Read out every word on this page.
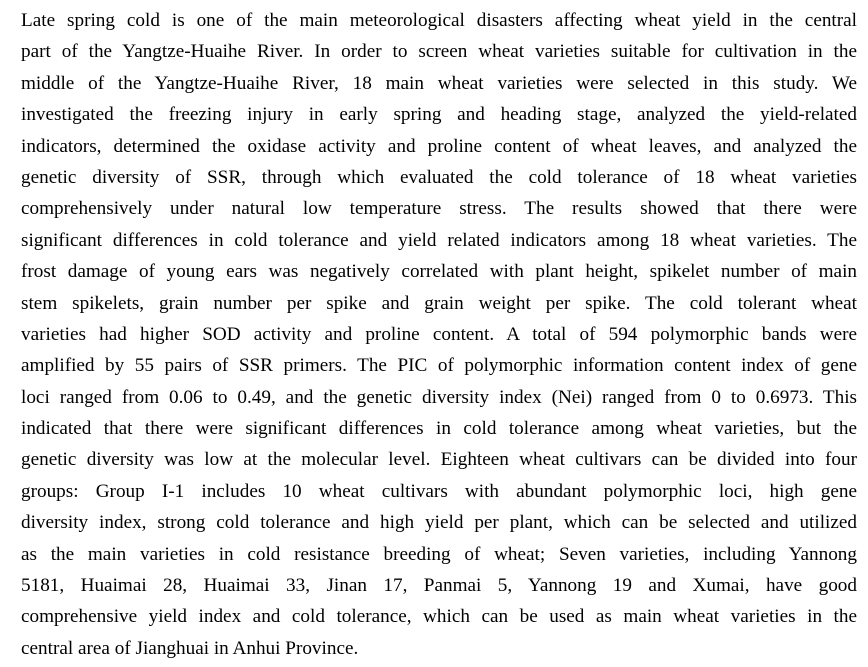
Late spring cold is one of the main meteorological disasters affecting wheat yield in the central
part of the Yangtze-Huaihe River. In order to screen wheat varieties suitable for cultivation in the
middle of the Yangtze-Huaihe River, 18 main wheat varieties were selected in this study. We
investigated the freezing injury in early spring and heading stage, analyzed the yield-related
indicators, determined the oxidase activity and proline content of wheat leaves, and analyzed the
genetic diversity of SSR, through which evaluated the cold tolerance of 18 wheat varieties
comprehensively under natural low temperature stress. The results showed that there were
significant differences in cold tolerance and yield related indicators among 18 wheat varieties. The
frost damage of young ears was negatively correlated with plant height, spikelet number of main
stem spikelets, grain number per spike and grain weight per spike. The cold tolerant wheat
varieties had higher SOD activity and proline content. A total of 594 polymorphic bands were
amplified by 55 pairs of SSR primers. The PIC of polymorphic information content index of gene
loci ranged from 0.06 to 0.49, and the genetic diversity index (Nei) ranged from 0 to 0.6973. This
indicated that there were significant differences in cold tolerance among wheat varieties, but the
genetic diversity was low at the molecular level. Eighteen wheat cultivars can be divided into four
groups: Group I-1 includes 10 wheat cultivars with abundant polymorphic loci, high gene
diversity index, strong cold tolerance and high yield per plant, which can be selected and utilized
as the main varieties in cold resistance breeding of wheat; Seven varieties, including Yannong
5181, Huaimai 28, Huaimai 33, Jinan 17, Panmai 5, Yannong 19 and Xumai, have good
comprehensive yield index and cold tolerance, which can be used as main wheat varieties in the
central area of Jianghuai in Anhui Province.
